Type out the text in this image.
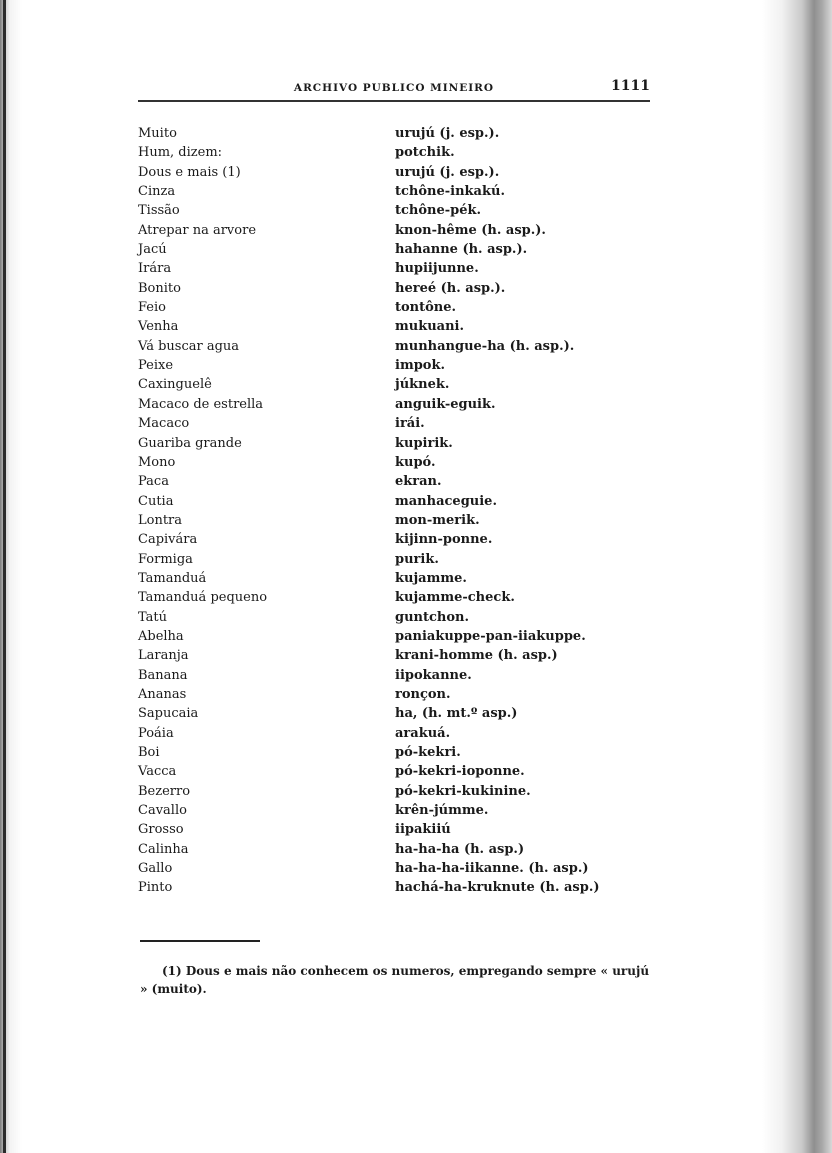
ARCHIVO PUBLICO MINEIRO	1111
Muito	urujú (j. esp.).
Hum, dizem:	potchik.
Dous e mais (1)	urujú (j. esp.).
Cinza	tchône-inkakú.
Tissão	tchône-pék.
Atrepar na arvore	knon-hême (h. asp.).
Jacú	hahanne (h. asp.).
Irára	hupiijunne.
Bonito	hereé (h. asp.).
Feio	tontône.
Venha	mukuani.
Vá buscar agua	munhangue-ha (h. asp.).
Peixe	impok.
Caxinguelê	júknek.
Macaco de estrella	anguik-eguik.
Macaco	irái.
Guariba grande	kupirik.
Mono	kupó.
Paca	ekran.
Cutia	manhaceguie.
Lontra	mon-merik.
Capivára	kijinn-ponne.
Formiga	purik.
Tamanduá	kujamme.
Tamanduá pequeno	kujamme-check.
Tatú	guntchon.
Abelha	paniakuppe-pan-iiakuppe.
Laranja	krani-homme (h. asp.)
Banana	iipokanne.
Ananas	ronçon.
Sapucaia	ha, (h. mt.º asp.)
Poáia	arakuá.
Boi	pó-kekri.
Vacca	pó-kekri-ioponne.
Bezerro	pó-kekri-kukinine.
Cavallo	krên-júmme.
Grosso	iipakiiú
Calinha	ha-ha-ha (h. asp.)
Gallo	ha-ha-ha-iikanne. (h. asp.)
Pinto	hachá-ha-kruknute (h. asp.)
(1) Dous e mais não conhecem os numeros, empregando sempre « urujú » (muito).
